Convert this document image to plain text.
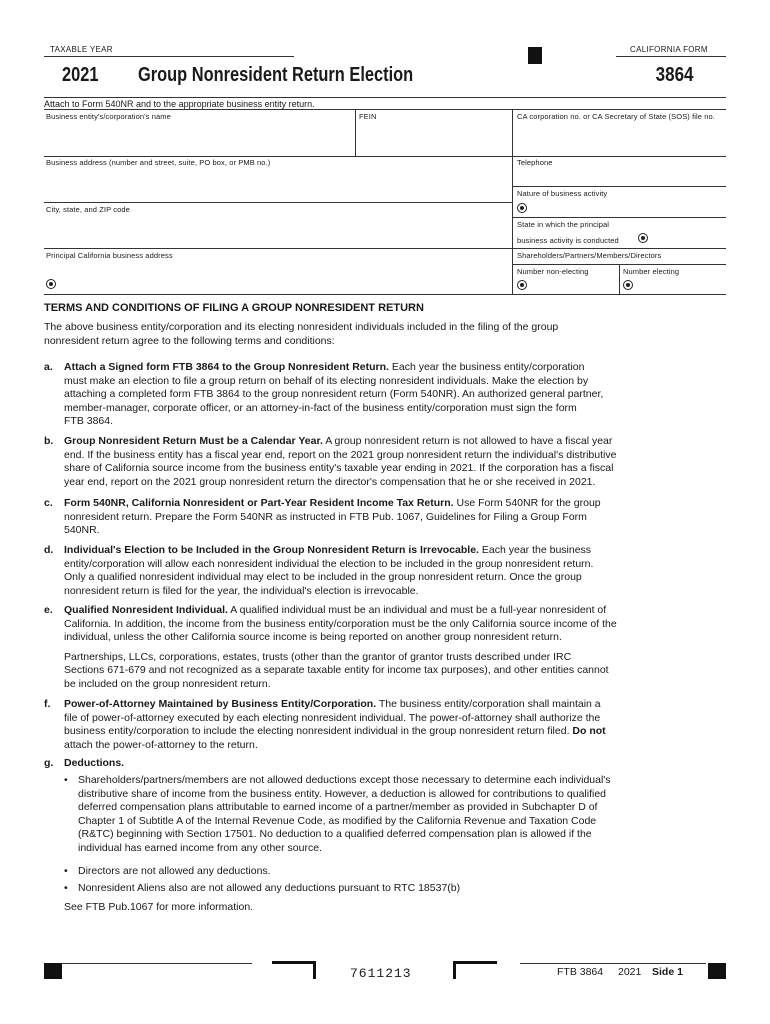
TAXABLE YEAR	CALIFORNIA FORM
2021 Group Nonresident Return Election	3864
Attach to Form 540NR and to the appropriate business entity return.
Business entity's/corporation's name	FEIN	CA corporation no. or CA Secretary of State (SOS) file no.
Business address (number and street, suite, PO box, or PMB no.)	Telephone
Nature of business activity
City, state, and ZIP code
State in which the principal
business activity is conducted
Principal California business address	Shareholders/Partners/Members/Directors
Number non-electing	Number electing
TERMS AND CONDITIONS OF FILING A GROUP NONRESIDENT RETURN
The above business entity/corporation and its electing nonresident individuals included in the filing of the group
nonresident return agree to the following terms and conditions:
a. Attach a Signed form FTB 3864 to the Group Nonresident Return. Each year the business entity/corporation
must make an election to file a group return on behalf of its electing nonresident individuals. Make the election by
attaching a completed form FTB 3864 to the group nonresident return (Form 540NR). An authorized general partner,
member-manager, corporate officer, or an attorney-in-fact of the business entity/corporation must sign the form
FTB 3864.
b. Group Nonresident Return Must be a Calendar Year. A group nonresident return is not allowed to have a fiscal year
end. If the business entity has a fiscal year end, report on the 2021 group nonresident return the individual's distributive
share of California source income from the business entity's taxable year ending in 2021. If the corporation has a fiscal
year end, report on the 2021 group nonresident return the director's compensation that he or she received in 2021.
c. Form 540NR, California Nonresident or Part-Year Resident Income Tax Return. Use Form 540NR for the group
nonresident return. Prepare the Form 540NR as instructed in FTB Pub. 1067, Guidelines for Filing a Group Form
540NR.
d. Individual's Election to be Included in the Group Nonresident Return is Irrevocable. Each year the business
entity/corporation will allow each nonresident individual the election to be included in the group nonresident return.
Only a qualified nonresident individual may elect to be included in the group nonresident return. Once the group
nonresident return is filed for the year, the individual's election is irrevocable.
e. Qualified Nonresident Individual. A qualified individual must be an individual and must be a full-year nonresident of
California. In addition, the income from the business entity/corporation must be the only California source income of the
individual, unless the other California source income is being reported on another group nonresident return.
Partnerships, LLCs, corporations, estates, trusts (other than the grantor of grantor trusts described under IRC
Sections 671-679 and not recognized as a separate taxable entity for income tax purposes), and other entities cannot
be included on the group nonresident return.
f. Power-of-Attorney Maintained by Business Entity/Corporation. The business entity/corporation shall maintain a
file of power-of-attorney executed by each electing nonresident individual. The power-of-attorney shall authorize the
business entity/corporation to include the electing nonresident individual in the group nonresident return filed. Do not
attach the power-of-attorney to the return.
g. Deductions.
• Shareholders/partners/members are not allowed deductions except those necessary to determine each individual's
distributive share of income from the business entity. However, a deduction is allowed for contributions to qualified
deferred compensation plans attributable to earned income of a partner/member as provided in Subchapter D of
Chapter 1 of Subtitle A of the Internal Revenue Code, as modified by the California Revenue and Taxation Code
(R&TC) beginning with Section 17501. No deduction to a qualified deferred compensation plan is allowed if the
individual has earned income from any other source.
• Directors are not allowed any deductions.
• Nonresident Aliens also are not allowed any deductions pursuant to RTC 18537(b)
See FTB Pub.1067 for more information.
7611213	FTB 3864 2021 Side 1
